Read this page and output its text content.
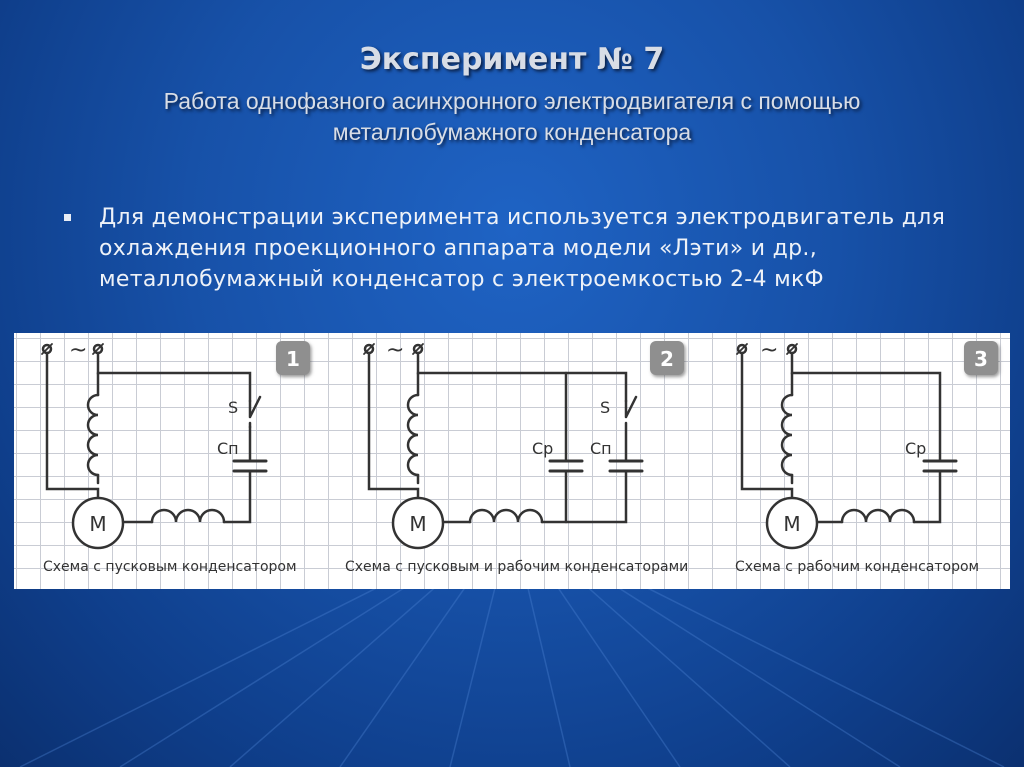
Эксперимент № 7
Работа однофазного асинхронного электродвигателя с помощью металлобумажного конденсатора
Для демонстрации эксперимента используется электродвигатель для охлаждения проекционного аппарата модели «Лэти» и др., металлобумажный конденсатор с электроемкостью 2-4 мкФ
~
M
S
Сп
1
Схема с пусковым конденсатором
~
M
S
Ср Сп
2
Схема с пусковым и рабочим конденсаторами
~
M
Ср
3
Схема с рабочим конденсатором
